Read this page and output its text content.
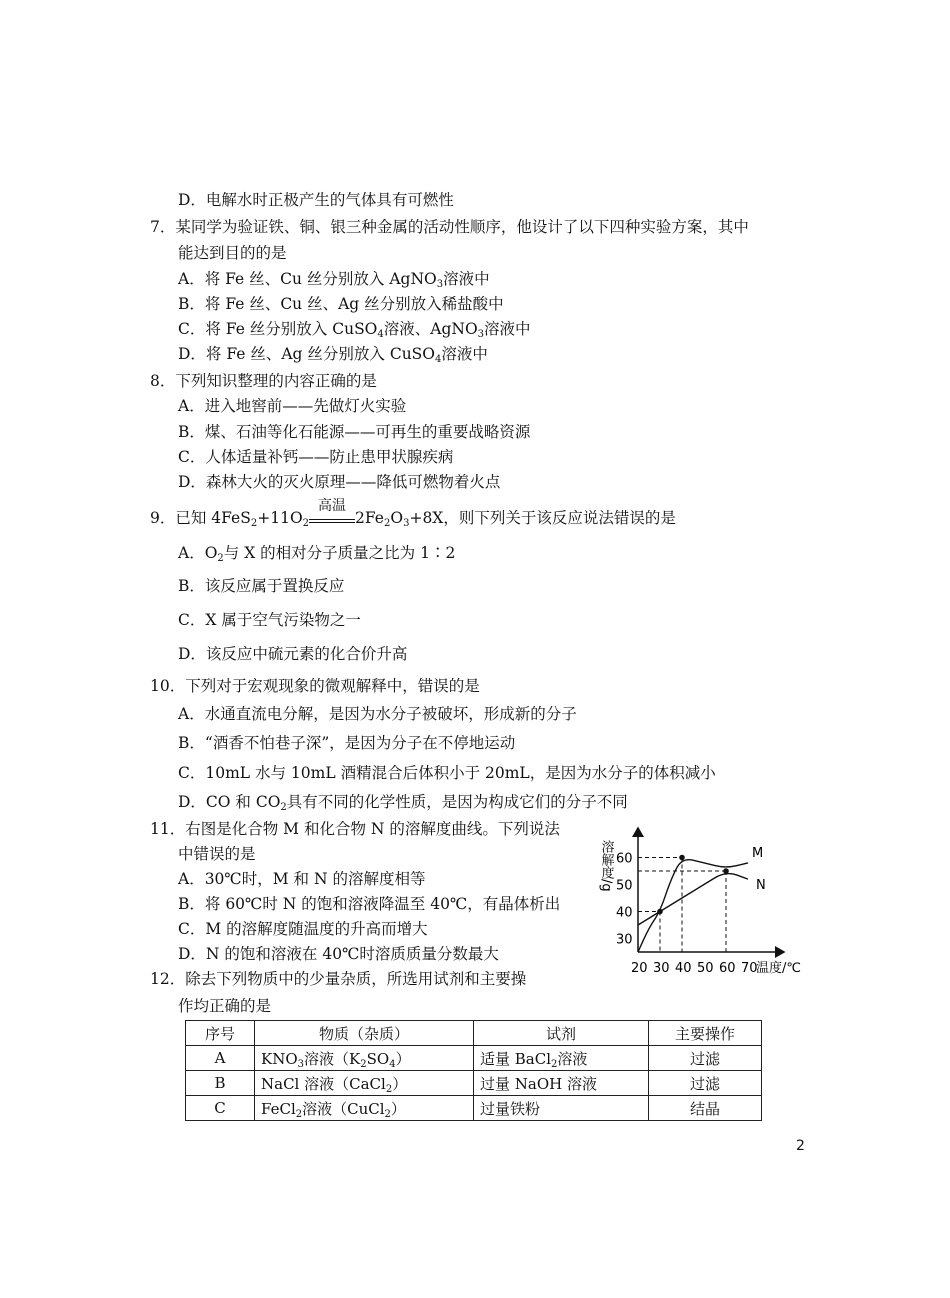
D．电解水时正极产生的气体具有可燃性
7．某同学为验证铁、铜、银三种金属的活动性顺序，他设计了以下四种实验方案，其中
能达到目的的是
A．将 Fe 丝、Cu 丝分别放入 AgNO$_3$溶液中
B．将 Fe 丝、Cu 丝、Ag 丝分别放入稀盐酸中
C．将 Fe 丝分别放入 CuSO$_4$溶液、AgNO$_3$溶液中
D．将 Fe 丝、Ag 丝分别放入 CuSO$_4$溶液中
8．下列知识整理的内容正确的是
A．进入地窖前——先做灯火实验
B．煤、石油等化石能源——可再生的重要战略资源
C．人体适量补钙——防止患甲状腺疾病
D．森林大火的灭火原理——降低可燃物着火点
9．已知 $4FeS_2+11O_2$
高温
$2Fe_2O_3+8X$，则下列关于该反应说法错误的是
A．$O_2$与 X 的相对分子质量之比为 1∶2
B．该反应属于置换反应
C．X 属于空气污染物之一
D．该反应中硫元素的化合价升高
10．下列对于宏观现象的微观解释中，错误的是
A．水通直流电分解，是因为水分子被破坏，形成新的分子
B．“酒香不怕巷子深”，是因为分子在不停地运动
C．10mL 水与 10mL 酒精混合后体积小于 20mL，是因为水分子的体积减小
D．CO 和 $CO_2$具有不同的化学性质，是因为构成它们的分子不同
11．右图是化合物 M 和化合物 N 的溶解度曲线。下列说法
中错误的是
A．30℃时，M 和 N 的溶解度相等
B．将 60℃时 N 的饱和溶液降温至 40℃，有晶体析出
C．M 的溶解度随温度的升高而增大
D．N 的饱和溶液在 40℃时溶质质量分数最大
溶解度/g
温度/℃
20 30 40 50 60 70
30
40
50
60	M
N
12．除去下列物质中的少量杂质，所选用试剂和主要操
作均正确的是
序号	物质（杂质）	试剂	主要操作
A	$KNO_3$溶液$(K_2SO_4)$	适量 BaCl$_2$溶液	过滤
B	NaCl 溶液（CaCl$_2$）	过量 NaOH 溶液	过滤
C	FeCl$_2$溶液（CuCl$_2$）	过量铁粉	结晶
2
